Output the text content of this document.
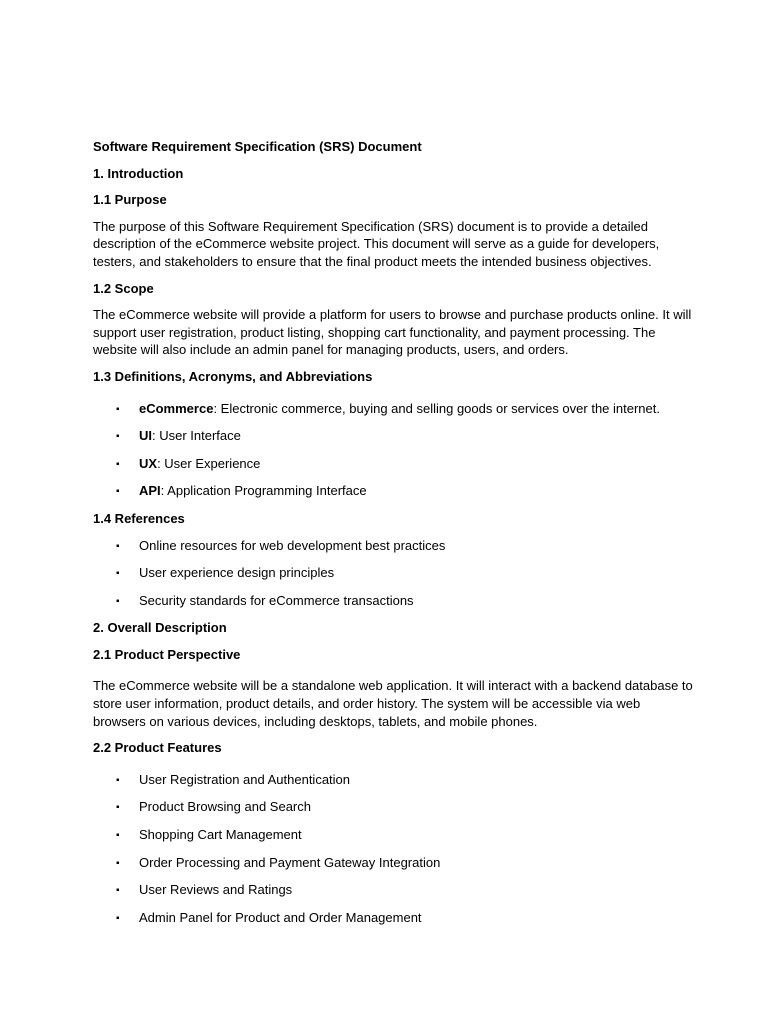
Software Requirement Specification (SRS) Document

1. Introduction

1.1 Purpose

The purpose of this Software Requirement Specification (SRS) document is to provide a detailed description of the eCommerce website project. This document will serve as a guide for developers, testers, and stakeholders to ensure that the final product meets the intended business objectives.

1.2 Scope

The eCommerce website will provide a platform for users to browse and purchase products online. It will support user registration, product listing, shopping cart functionality, and payment processing. The website will also include an admin panel for managing products, users, and orders.

1.3 Definitions, Acronyms, and Abbreviations

▪ eCommerce: Electronic commerce, buying and selling goods or services over the internet.
▪ UI: User Interface
▪ UX: User Experience
▪ API: Application Programming Interface

1.4 References

▪ Online resources for web development best practices
▪ User experience design principles
▪ Security standards for eCommerce transactions

2. Overall Description

2.1 Product Perspective

The eCommerce website will be a standalone web application. It will interact with a backend database to store user information, product details, and order history. The system will be accessible via web browsers on various devices, including desktops, tablets, and mobile phones.

2.2 Product Features

▪ User Registration and Authentication
▪ Product Browsing and Search
▪ Shopping Cart Management
▪ Order Processing and Payment Gateway Integration
▪ User Reviews and Ratings
▪ Admin Panel for Product and Order Management
